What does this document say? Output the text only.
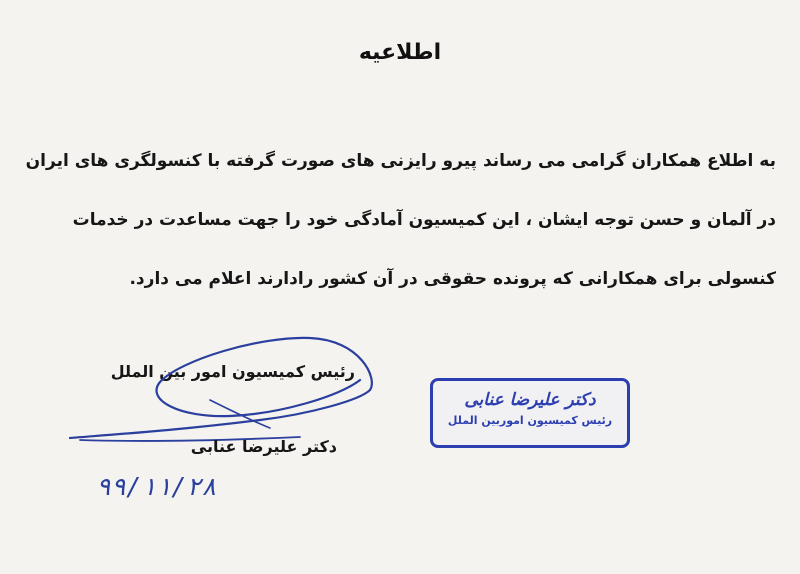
اطلاعیه
به اطلاع همکاران گرامی می رساند پیرو رایزنی های صورت گرفته با کنسولگری های ایران
در آلمان و حسن توجه ایشان ، این کمیسیون آمادگی خود را جهت مساعدت در خدمات
کنسولی برای همکارانی که پرونده حقوقی در آن کشور رادارند اعلام می دارد.
رئیس کمیسیون امور بین الملل
دکتر علیرضا عنابی
۹۹/۱۱/۲۸
دکتر علیرضا عنابی
رئیس کمیسیون اموربین الملل
